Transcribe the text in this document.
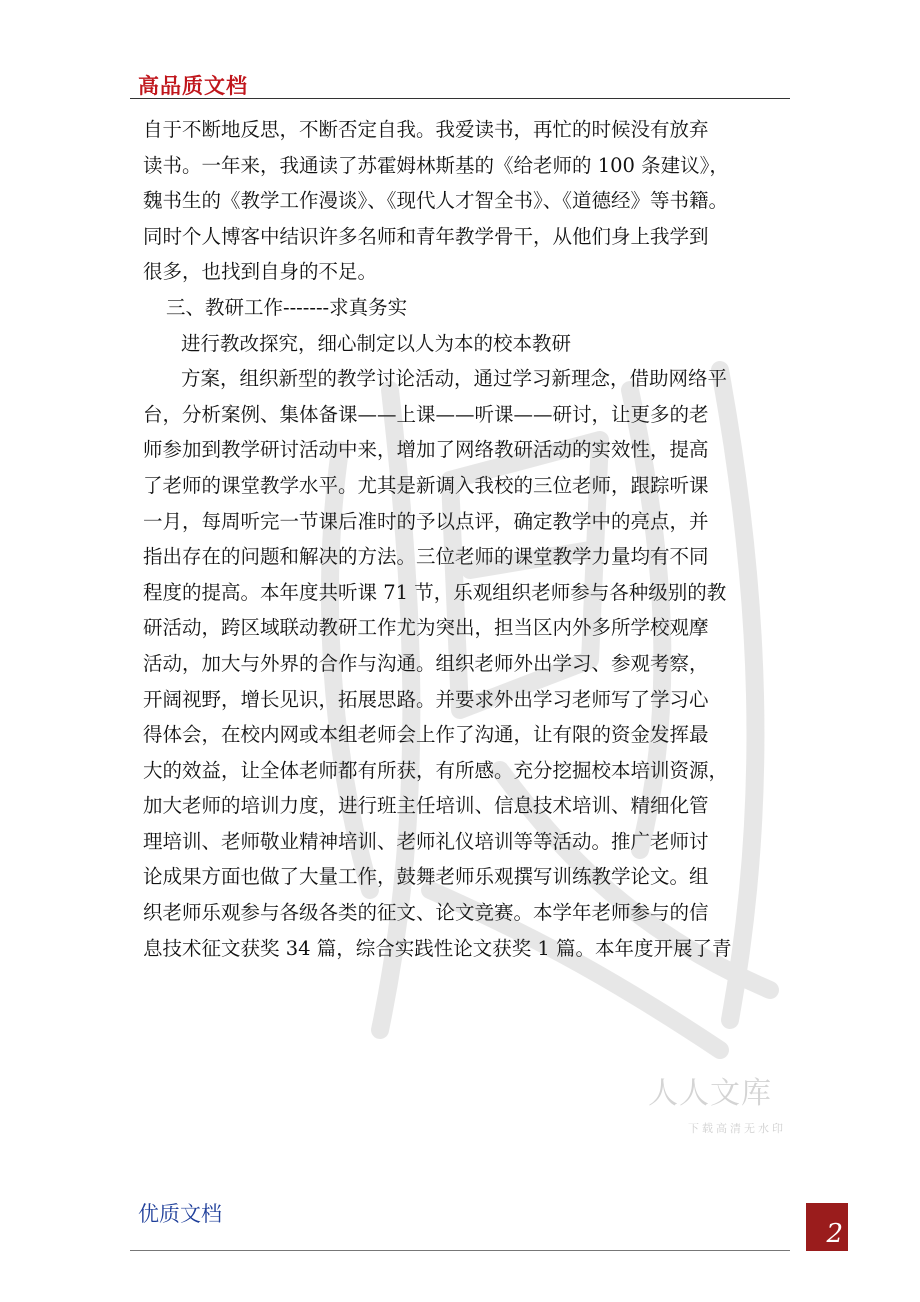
高品质文档
自于不断地反思，不断否定自我。我爱读书，再忙的时候没有放弃
读书。一年来，我通读了苏霍姆林斯基的《给老师的 100 条建议》，
魏书生的《教学工作漫谈》、《现代人才智全书》、《道德经》等书籍。
同时个人博客中结识许多名师和青年教学骨干，从他们身上我学到
很多，也找到自身的不足。
三、教研工作-------求真务实
进行教改探究，细心制定以人为本的校本教研
方案，组织新型的教学讨论活动，通过学习新理念，借助网络平
台，分析案例、集体备课——上课——听课——研讨，让更多的老
师参加到教学研讨活动中来，增加了网络教研活动的实效性，提高
了老师的课堂教学水平。尤其是新调入我校的三位老师，跟踪听课
一月，每周听完一节课后准时的予以点评，确定教学中的亮点，并
指出存在的问题和解决的方法。三位老师的课堂教学力量均有不同
程度的提高。本年度共听课 71 节，乐观组织老师参与各种级别的教
研活动，跨区域联动教研工作尤为突出，担当区内外多所学校观摩
活动，加大与外界的合作与沟通。组织老师外出学习、参观考察，
开阔视野，增长见识，拓展思路。并要求外出学习老师写了学习心
得体会，在校内网或本组老师会上作了沟通，让有限的资金发挥最
大的效益，让全体老师都有所获，有所感。充分挖掘校本培训资源，
加大老师的培训力度，进行班主任培训、信息技术培训、精细化管
理培训、老师敬业精神培训、老师礼仪培训等等活动。推广老师讨
论成果方面也做了大量工作，鼓舞老师乐观撰写训练教学论文。组
织老师乐观参与各级各类的征文、论文竞赛。本学年老师参与的信
息技术征文获奖 34 篇，综合实践性论文获奖 1 篇。本年度开展了青
人人文库
下载高清无水印
优质文档
2
